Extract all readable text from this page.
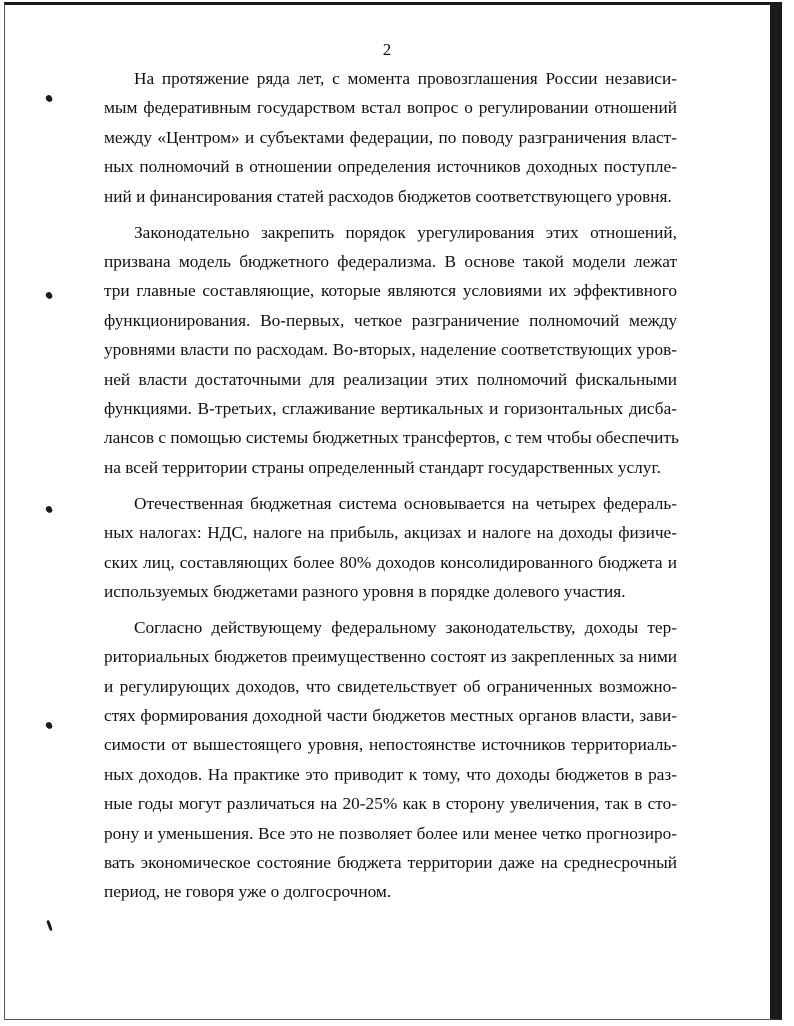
2
На протяжение ряда лет, с момента провозглашения России независи-
мым федеративным государством встал вопрос о регулировании отношений
между «Центром» и субъектами федерации, по поводу разграничения власт-
ных полномочий в отношении определения источников доходных поступле-
ний и финансирования статей расходов бюджетов соответствующего уровня.
Законодательно закрепить порядок урегулирования этих отношений,
призвана модель бюджетного федерализма. В основе такой модели лежат
три главные составляющие, которые являются условиями их эффективного
функционирования. Во-первых, четкое разграничение полномочий между
уровнями власти по расходам. Во-вторых, наделение соответствующих уров-
ней власти достаточными для реализации этих полномочий фискальными
функциями. В-третьих, сглаживание вертикальных и горизонтальных дисба-
лансов с помощью системы бюджетных трансфертов, с тем чтобы обеспечить
на всей территории страны определенный стандарт государственных услуг.
Отечественная бюджетная система основывается на четырех федераль-
ных налогах: НДС, налоге на прибыль, акцизах и налоге на доходы физиче-
ских лиц, составляющих более 80% доходов консолидированного бюджета и
используемых бюджетами разного уровня в порядке долевого участия.
Согласно действующему федеральному законодательству, доходы тер-
риториальных бюджетов преимущественно состоят из закрепленных за ними
и регулирующих доходов, что свидетельствует об ограниченных возможно-
стях формирования доходной части бюджетов местных органов власти, зави-
симости от вышестоящего уровня, непостоянстве источников территориаль-
ных доходов. На практике это приводит к тому, что доходы бюджетов в раз-
ные годы могут различаться на 20-25% как в сторону увеличения, так в сто-
рону и уменьшения. Все это не позволяет более или менее четко прогнозиро-
вать экономическое состояние бюджета территории даже на среднесрочный
период, не говоря уже о долгосрочном.
